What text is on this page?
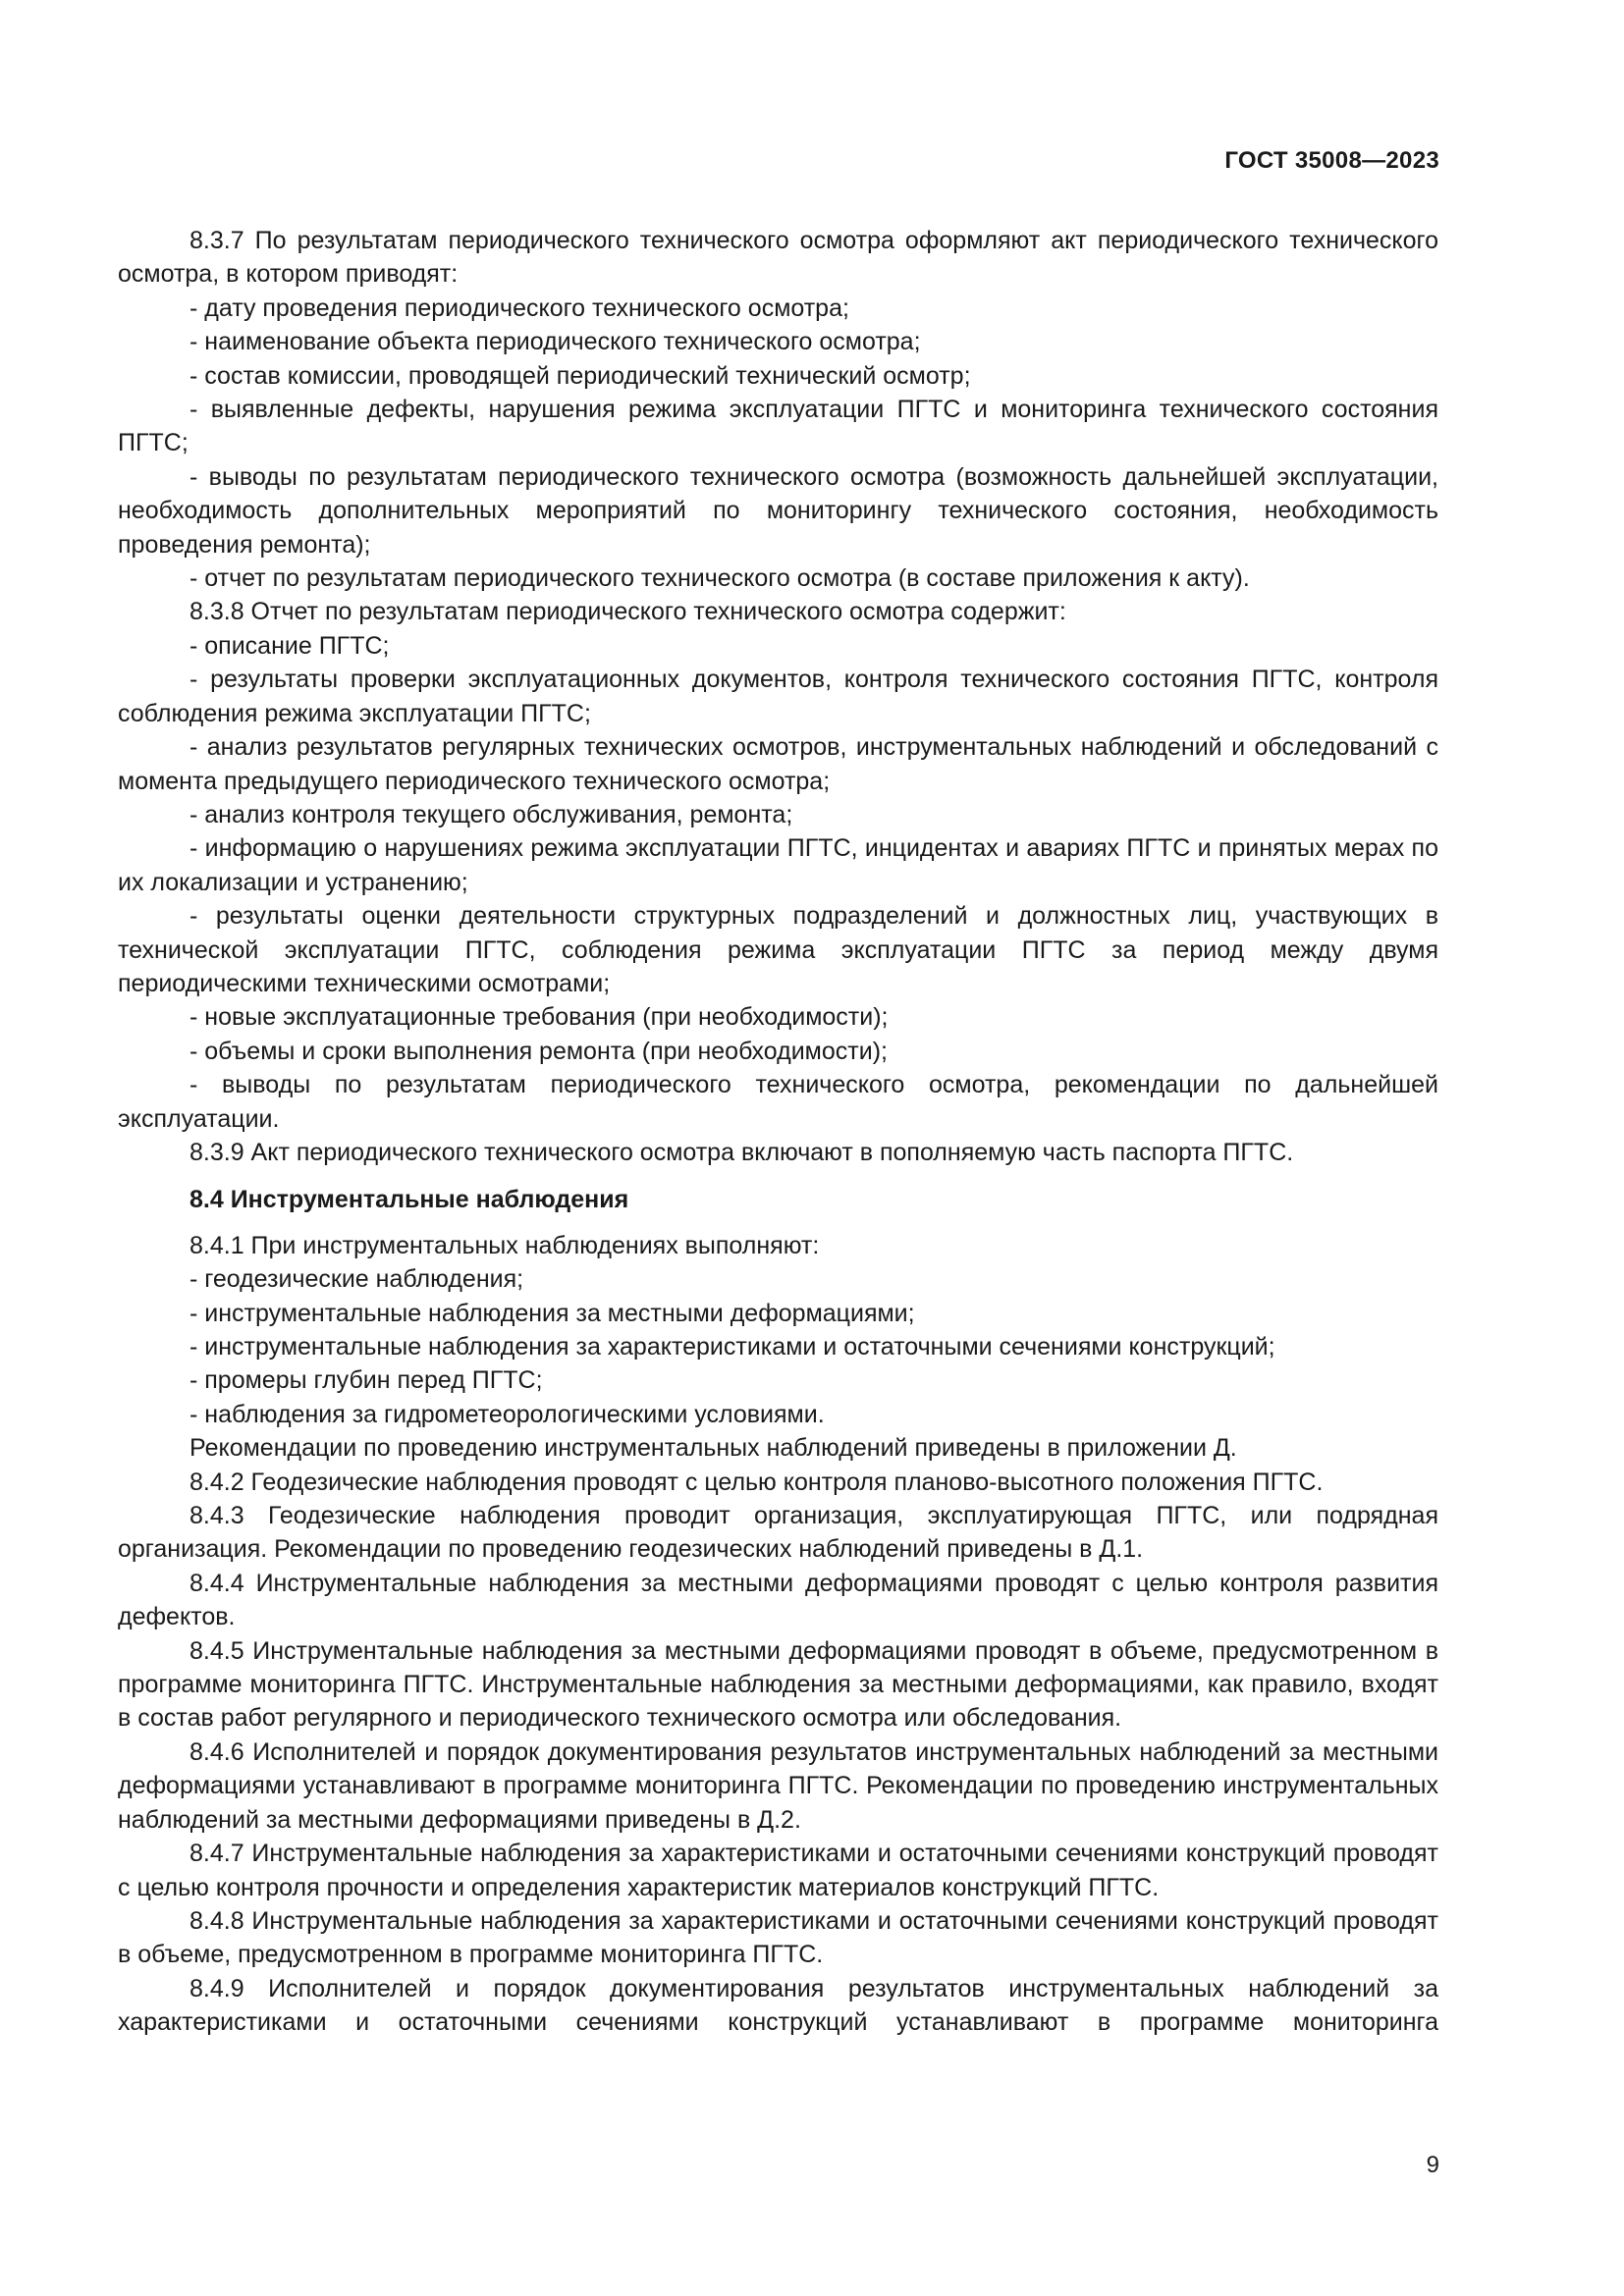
ГОСТ 35008—2023

8.3.7 По результатам периодического технического осмотра оформляют акт периодического технического осмотра, в котором приводят:

- дату проведения периодического технического осмотра;

- наименование объекта периодического технического осмотра;

- состав комиссии, проводящей периодический технический осмотр;

- выявленные дефекты, нарушения режима эксплуатации ПГТС и мониторинга технического состояния ПГТС;

- выводы по результатам периодического технического осмотра (возможность дальнейшей эксплуатации, необходимость дополнительных мероприятий по мониторингу технического состояния, необходимость проведения ремонта);

- отчет по результатам периодического технического осмотра (в составе приложения к акту).

8.3.8 Отчет по результатам периодического технического осмотра содержит:

- описание ПГТС;

- результаты проверки эксплуатационных документов, контроля технического состояния ПГТС, контроля соблюдения режима эксплуатации ПГТС;

- анализ результатов регулярных технических осмотров, инструментальных наблюдений и обследований с момента предыдущего периодического технического осмотра;

- анализ контроля текущего обслуживания, ремонта;

- информацию о нарушениях режима эксплуатации ПГТС, инцидентах и авариях ПГТС и принятых мерах по их локализации и устранению;

- результаты оценки деятельности структурных подразделений и должностных лиц, участвующих в технической эксплуатации ПГТС, соблюдения режима эксплуатации ПГТС за период между двумя периодическими техническими осмотрами;

- новые эксплуатационные требования (при необходимости);

- объемы и сроки выполнения ремонта (при необходимости);

- выводы по результатам периодического технического осмотра, рекомендации по дальнейшей эксплуатации.

8.3.9 Акт периодического технического осмотра включают в пополняемую часть паспорта ПГТС.

8.4 Инструментальные наблюдения

8.4.1 При инструментальных наблюдениях выполняют:

- геодезические наблюдения;

- инструментальные наблюдения за местными деформациями;

- инструментальные наблюдения за характеристиками и остаточными сечениями конструкций;

- промеры глубин перед ПГТС;

- наблюдения за гидрометеорологическими условиями.

Рекомендации по проведению инструментальных наблюдений приведены в приложении Д.

8.4.2 Геодезические наблюдения проводят с целью контроля планово-высотного положения ПГТС.

8.4.3 Геодезические наблюдения проводит организация, эксплуатирующая ПГТС, или подрядная организация. Рекомендации по проведению геодезических наблюдений приведены в Д.1.

8.4.4 Инструментальные наблюдения за местными деформациями проводят с целью контроля развития дефектов.

8.4.5 Инструментальные наблюдения за местными деформациями проводят в объеме, предусмотренном в программе мониторинга ПГТС. Инструментальные наблюдения за местными деформациями, как правило, входят в состав работ регулярного и периодического технического осмотра или обследования.

8.4.6 Исполнителей и порядок документирования результатов инструментальных наблюдений за местными деформациями устанавливают в программе мониторинга ПГТС. Рекомендации по проведению инструментальных наблюдений за местными деформациями приведены в Д.2.

8.4.7 Инструментальные наблюдения за характеристиками и остаточными сечениями конструкций проводят с целью контроля прочности и определения характеристик материалов конструкций ПГТС.

8.4.8 Инструментальные наблюдения за характеристиками и остаточными сечениями конструкций проводят в объеме, предусмотренном в программе мониторинга ПГТС.

8.4.9 Исполнителей и порядок документирования результатов инструментальных наблюдений за характеристиками и остаточными сечениями конструкций устанавливают в программе мониторинга

9
